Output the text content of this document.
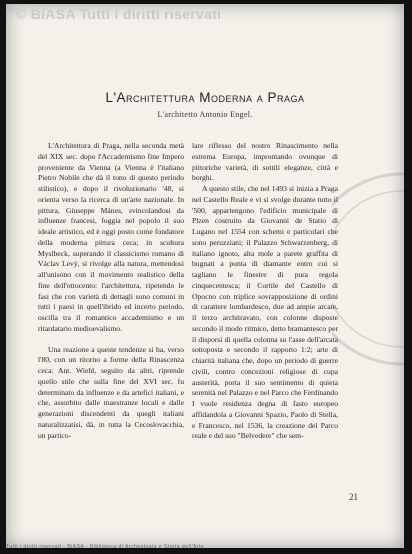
© BiASA Tutti i diritti riservati
L'Architettura Moderna a Praga
L'architetto Antonio Engel.

L'Architettura di Praga, nella seconda metà del XIX sec. dopo l'Accademismo fine Impero proveniente da Vienna (a Vienna è l'italiano Pietro Nobile che dà il tono di questo periodo stilistico), e dopo il rivoluzionario '48, si orienta verso la ricerca di un'arte nazionale. In pittura, Giuseppe Mánes, svincolandosi da influenze francesi, foggia nel popolo il suo ideale artistico, ed è oggi posto come fondatore della moderna pittura ceca; in scultura Myslbeck, superando il classicismo romano di Václav Levý, si rivolge alla natura, mettendosi all'unisono con il movimento realistico della fine dell'ottocento: l'architettura, ripetendo le fasi che con varietà di dettagli sono comuni in tutti i paesi in quell'ibrido ed incerto periodo, oscilla tra il romantico accademismo e un ritardatario medioevalismo.

Una reazione a queste tendenze si ha, verso l'80, con un ritorno a forme della Rinascenza ceca: Ant. Wiehl, seguito da altri, riprende quello stile che sulla fine del XVI sec. fu determinato da influenze e da artefici italiani, e che, assorbito dalle maestranze locali e dalle generazioni discendenti da quegli italiani naturalizzatisi, dà, in tutta la Cecoslovacchia, un partico-

lare riflesso del nostro Rinascimento nella estrema Europa, improntando ovunque di pittoriche varietà, di sottili eleganze, città e borghi.

A questo stile, che nel 1493 si inizia a Praga nel Castello Reale e vi si svolge durante tutto il '500, appartengono l'edificio municipale di Plzen costruito da Giovanni de Statio di Lugano nel 1554 con schemi e particolari che sono peruzziani; il Palazzo Schwarzenberg, di italiano ignoto, alta mole a parete graffita di bugnati a punta di diamante entro cui si tagliano le finestre di pura regola cinquecentesca; il Cortile del Castello di Opocno con triplice sovrapposizione di ordini di carattere lombardesco, due ad ampie arcate, il terzo architravato, con colonne disposte secondo il modo ritmico, detto bramantesco per il disporsi di quella colonna su l'asse dell'arcata sottoposta e secondo il rapporto 1:2; arte di chiarità italiana che, dopo un periodo di guerre civili, contro concezioni religiose di cupa austerità, porta il suo sentimento di quieta serenità nel Palazzo e nel Parco che Ferdinando I vuole residenza degna di fasto europeo affidandola a Giovanni Spazio, Paolo di Stella, e Francesco, nel 1536, la creazione del Parco reale e del suo "Belvedere" che sem-

21
Tutti i diritti riservati - BiASA - Biblioteca di Archeologia e Storia dell'Arte
